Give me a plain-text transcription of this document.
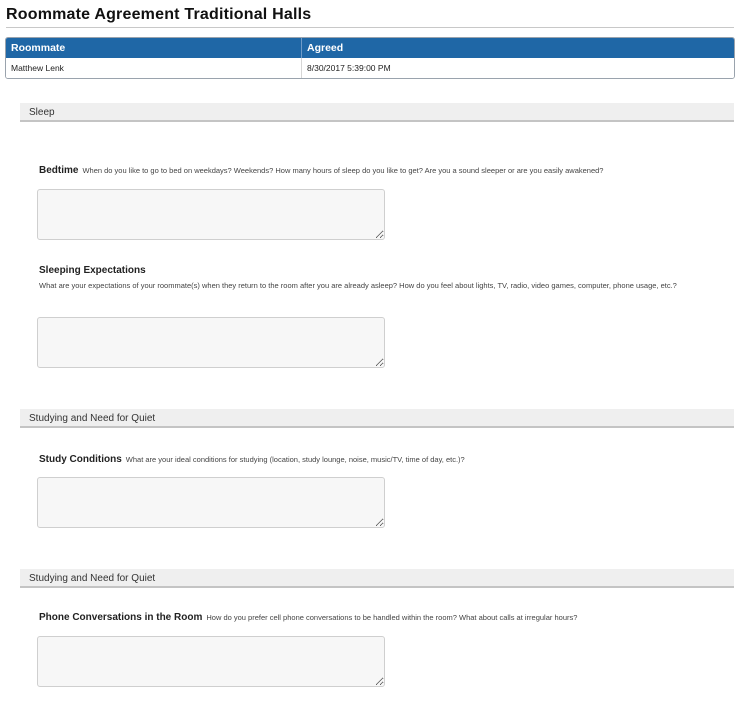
Roommate Agreement Traditional Halls
Roommate	Agreed
Matthew Lenk	8/30/2017 5:39:00 PM
Sleep
Bedtime When do you like to go to bed on weekdays? Weekends? How many hours of sleep do you like to get? Are you a sound sleeper or are you easily awakened?
Sleeping Expectations
What are your expectations of your roommate(s) when they return to the room after you are already asleep? How do you feel about lights, TV, radio, video games, computer, phone usage, etc.?
Studying and Need for Quiet
Study Conditions What are your ideal conditions for studying (location, study lounge, noise, music/TV, time of day, etc.)?
Studying and Need for Quiet
Phone Conversations in the Room How do you prefer cell phone conversations to be handled within the room? What about calls at irregular hours?
